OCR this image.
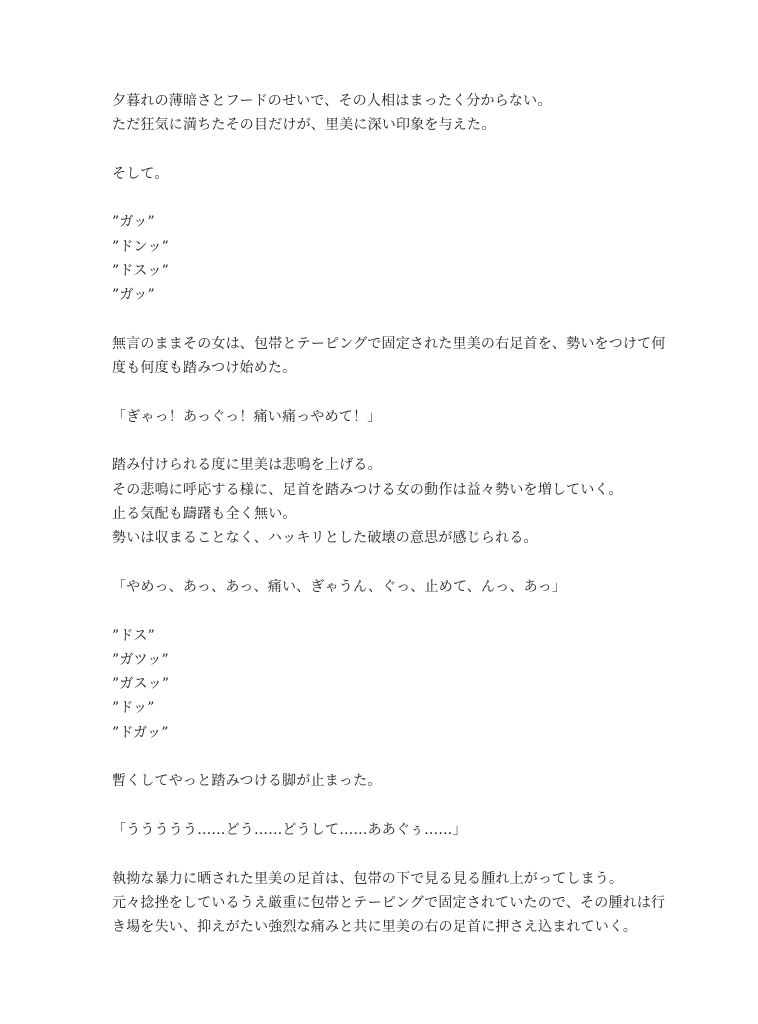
夕暮れの薄暗さとフードのせいで、その人相はまったく分からない。
ただ狂気に満ちたその目だけが、里美に深い印象を与えた。
そして。
”ガッ”
”ドンッ”
”ドスッ”
”ガッ”
無言のままその女は、包帯とテーピングで固定された里美の右足首を、勢いをつけて何
度も何度も踏みつけ始めた。
「ぎゃっ！あっぐっ！痛い痛っやめて！」
踏み付けられる度に里美は悲鳴を上げる。
その悲鳴に呼応する様に、足首を踏みつける女の動作は益々勢いを増していく。
止る気配も躊躇も全く無い。
勢いは収まることなく、ハッキリとした破壊の意思が感じられる。
「やめっ、あっ、あっ、痛い、ぎゃうん、ぐっ、止めて、んっ、あっ」
”ドス”
”ガツッ”
”ガスッ”
”ドッ”
”ドガッ”
暫くしてやっと踏みつける脚が止まった。
「ううううう……どう……どうして……ああぐぅ……」
執拗な暴力に晒された里美の足首は、包帯の下で見る見る腫れ上がってしまう。
元々捻挫をしているうえ厳重に包帯とテーピングで固定されていたので、その腫れは行
き場を失い、抑えがたい強烈な痛みと共に里美の右の足首に押さえ込まれていく。
